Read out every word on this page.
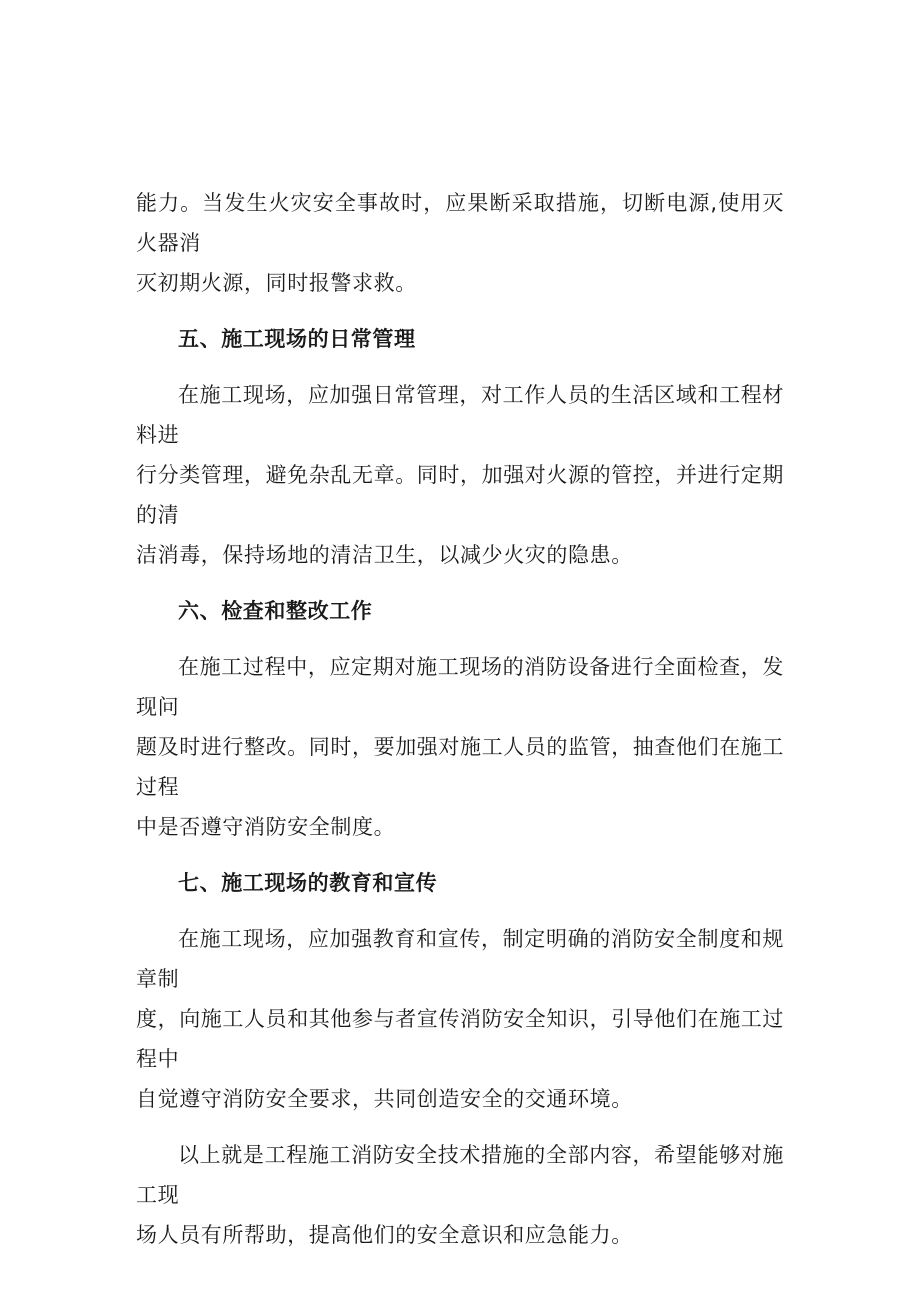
能力。当发生火灾安全事故时，应果断采取措施，切断电源,使用灭火器消
灭初期火源，同时报警求救。

五、施工现场的日常管理

在施工现场，应加强日常管理，对工作人员的生活区域和工程材料进
行分类管理，避免杂乱无章。同时，加强对火源的管控，并进行定期的清
洁消毒，保持场地的清洁卫生，以减少火灾的隐患。

六、检查和整改工作

在施工过程中，应定期对施工现场的消防设备进行全面检查，发现问
题及时进行整改。同时，要加强对施工人员的监管，抽查他们在施工过程
中是否遵守消防安全制度。

七、施工现场的教育和宣传

在施工现场，应加强教育和宣传，制定明确的消防安全制度和规章制
度，向施工人员和其他参与者宣传消防安全知识，引导他们在施工过程中
自觉遵守消防安全要求，共同创造安全的交通环境。

以上就是工程施工消防安全技术措施的全部内容，希望能够对施工现
场人员有所帮助，提高他们的安全意识和应急能力。
